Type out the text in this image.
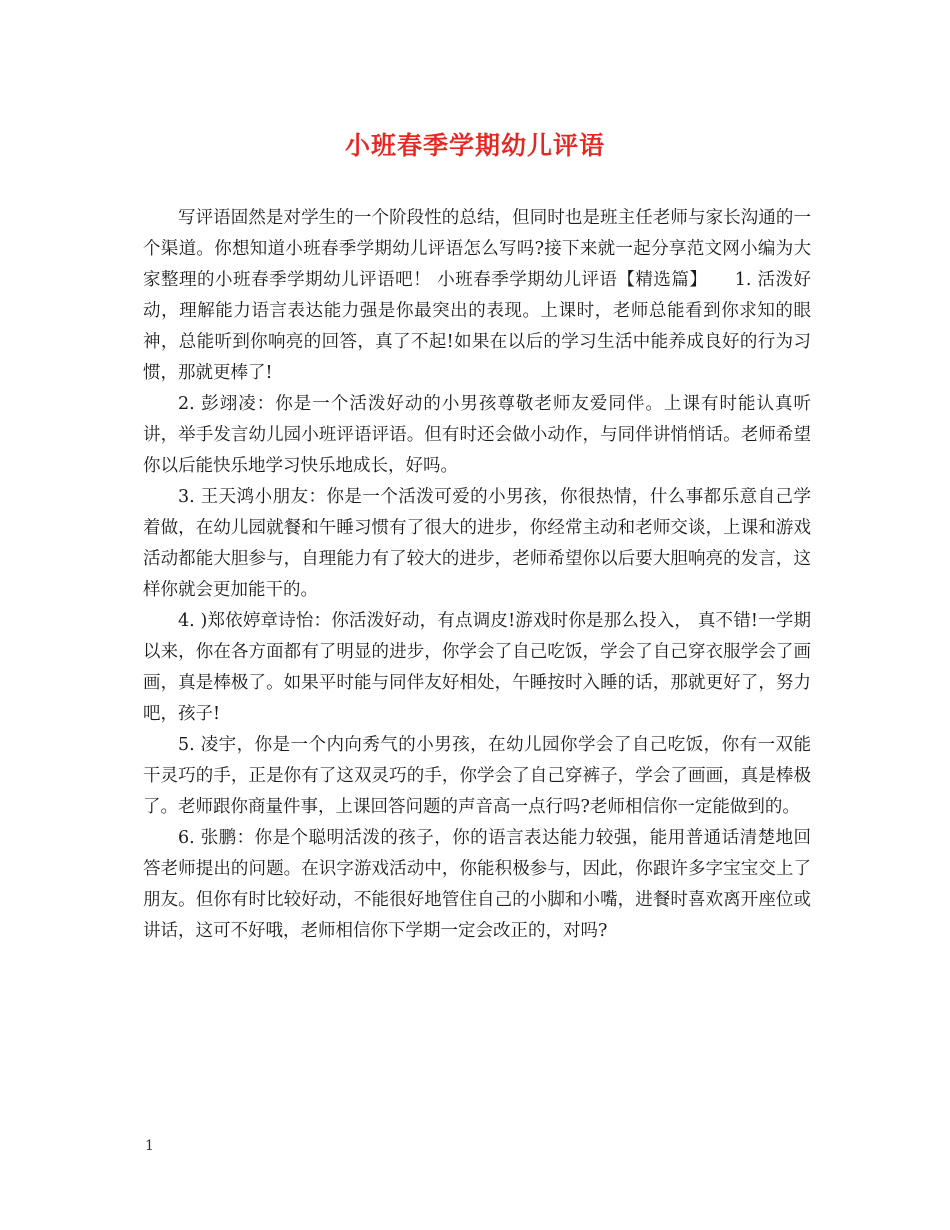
小班春季学期幼儿评语

写评语固然是对学生的一个阶段性的总结，但同时也是班主任老师与家长沟通的一个渠道。你想知道小班春季学期幼儿评语怎么写吗?接下来就一起分享范文网小编为大家整理的小班春季学期幼儿评语吧！ 小班春季学期幼儿评语【精选篇】　　1. 活泼好动，理解能力语言表达能力强是你最突出的表现。上课时，老师总能看到你求知的眼神，总能听到你响亮的回答，真了不起!如果在以后的学习生活中能养成良好的行为习惯，那就更棒了!

2. 彭翊凌：你是一个活泼好动的小男孩尊敬老师友爱同伴。上课有时能认真听讲，举手发言幼儿园小班评语评语。但有时还会做小动作，与同伴讲悄悄话。老师希望你以后能快乐地学习快乐地成长，好吗。

3. 王天鸿小朋友：你是一个活泼可爱的小男孩，你很热情，什么事都乐意自己学着做，在幼儿园就餐和午睡习惯有了很大的进步，你经常主动和老师交谈，上课和游戏活动都能大胆参与，自理能力有了较大的进步，老师希望你以后要大胆响亮的发言，这样你就会更加能干的。

4. )郑依婷章诗怡：你活泼好动，有点调皮!游戏时你是那么投入， 真不错!一学期以来，你在各方面都有了明显的进步，你学会了自己吃饭，学会了自己穿衣服学会了画画，真是棒极了。如果平时能与同伴友好相处，午睡按时入睡的话，那就更好了，努力吧，孩子!

5. 凌宇，你是一个内向秀气的小男孩，在幼儿园你学会了自己吃饭，你有一双能干灵巧的手，正是你有了这双灵巧的手，你学会了自己穿裤子，学会了画画，真是棒极了。老师跟你商量件事，上课回答问题的声音高一点行吗?老师相信你一定能做到的。

6. 张鹏：你是个聪明活泼的孩子，你的语言表达能力较强，能用普通话清楚地回答老师提出的问题。在识字游戏活动中，你能积极参与，因此，你跟许多字宝宝交上了朋友。但你有时比较好动，不能很好地管住自己的小脚和小嘴，进餐时喜欢离开座位或讲话，这可不好哦，老师相信你下学期一定会改正的，对吗?

1
